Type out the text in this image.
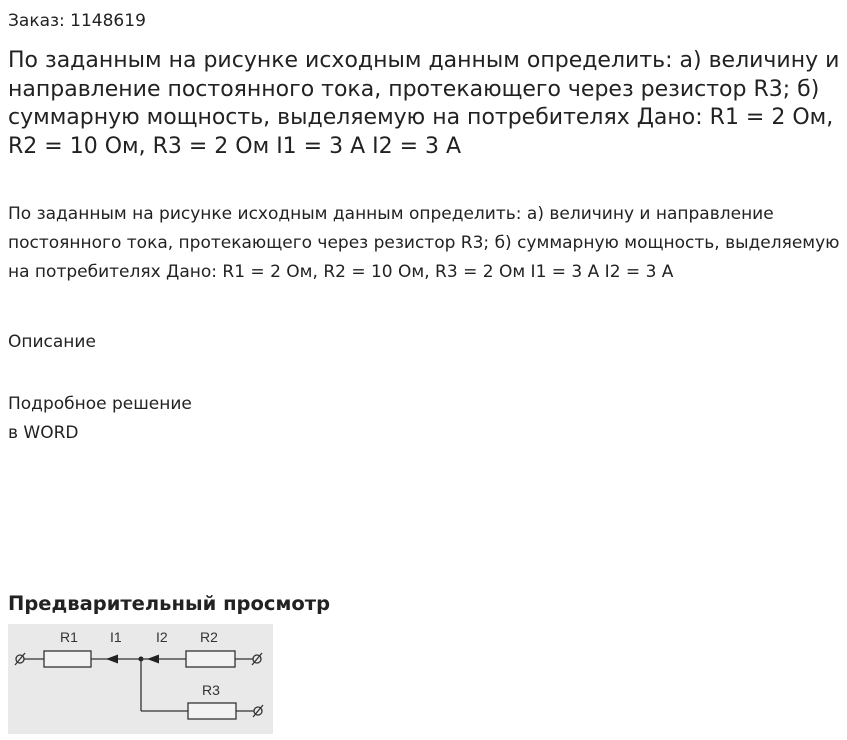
Заказ: 1148619
По заданным на рисунке исходным данным определить: а) величину и направление постоянного тока, протекающего через резистор R3; б) суммарную мощность, выделяемую на потребителях Дано: R1 = 2 Ом, R2 = 10 Ом, R3 = 2 Ом I1 = 3 А I2 = 3 А

По заданным на рисунке исходным данным определить: а) величину и направление постоянного тока, протекающего через резистор R3; б) суммарную мощность, выделяемую на потребителях Дано: R1 = 2 Ом, R2 = 10 Ом, R3 = 2 Ом I1 = 3 А I2 = 3 А

Описание
Подробное решение
в WORD
Предварительный просмотр
R1 I1 I2 R2
R3
